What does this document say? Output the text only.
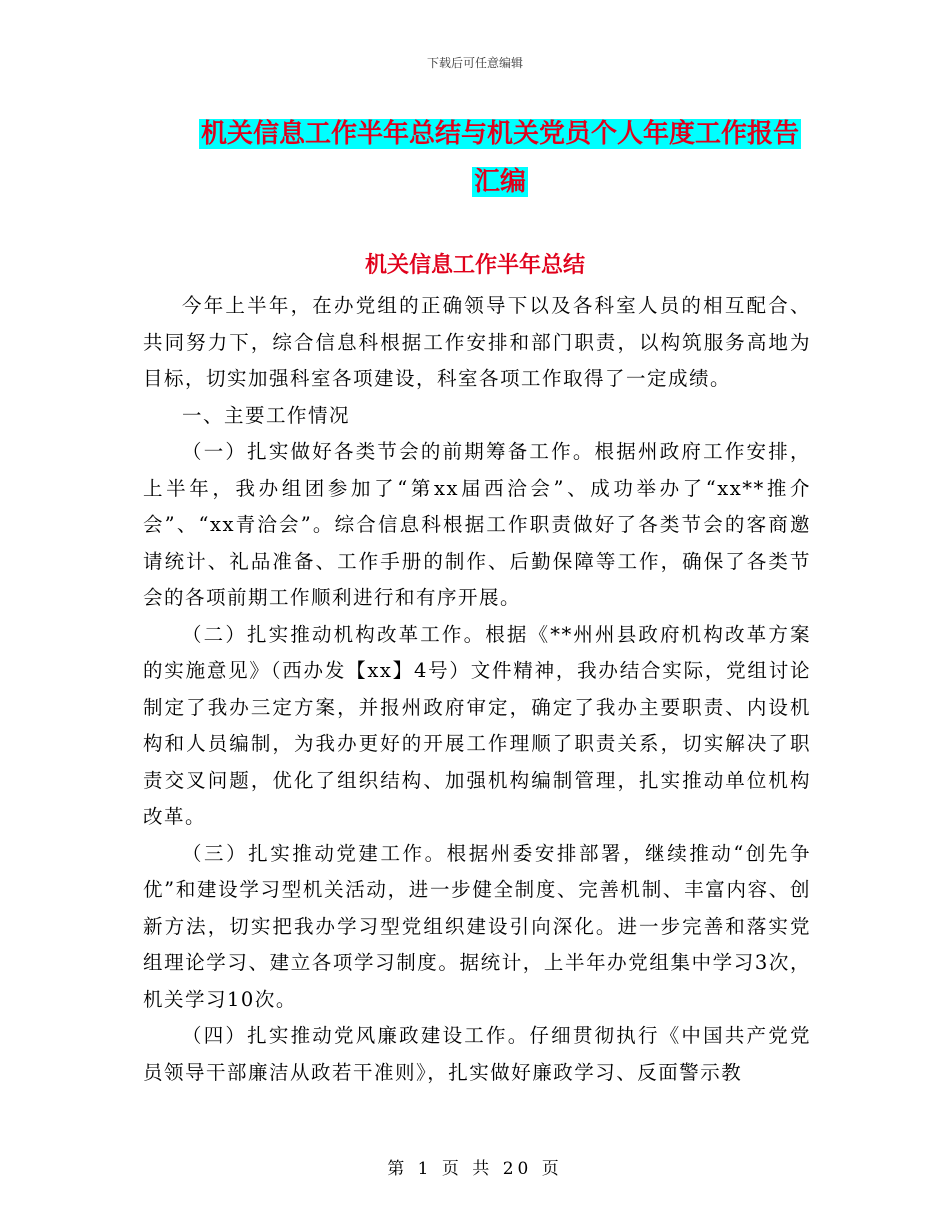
下载后可任意编辑
机关信息工作半年总结与机关党员个人年度工作报告
汇编
机关信息工作半年总结

今年上半年，在办党组的正确领导下以及各科室人员的相互配合、共同努力下，综合信息科根据工作安排和部门职责，以构筑服务高地为目标，切实加强科室各项建设，科室各项工作取得了一定成绩。

一、主要工作情况

（一）扎实做好各类节会的前期筹备工作。根据州政府工作安排，上半年，我办组团参加了“第xx届西洽会”、成功举办了“xx**推介会”、“xx青洽会”。综合信息科根据工作职责做好了各类节会的客商邀请统计、礼品准备、工作手册的制作、后勤保障等工作，确保了各类节会的各项前期工作顺利进行和有序开展。

（二）扎实推动机构改革工作。根据《**州州县政府机构改革方案的实施意见》（西办发【xx】4号）文件精神，我办结合实际，党组讨论制定了我办三定方案，并报州政府审定，确定了我办主要职责、内设机构和人员编制，为我办更好的开展工作理顺了职责关系，切实解决了职责交叉问题，优化了组织结构、加强机构编制管理，扎实推动单位机构改革。

（三）扎实推动党建工作。根据州委安排部署，继续推动“创先争优”和建设学习型机关活动，进一步健全制度、完善机制、丰富内容、创新方法，切实把我办学习型党组织建设引向深化。进一步完善和落实党组理论学习、建立各项学习制度。据统计，上半年办党组集中学习3次，机关学习10次。

（四）扎实推动党风廉政建设工作。仔细贯彻执行《中国共产党党员领导干部廉洁从政若干准则》，扎实做好廉政学习、反面警示教

第 1 页 共 20 页
